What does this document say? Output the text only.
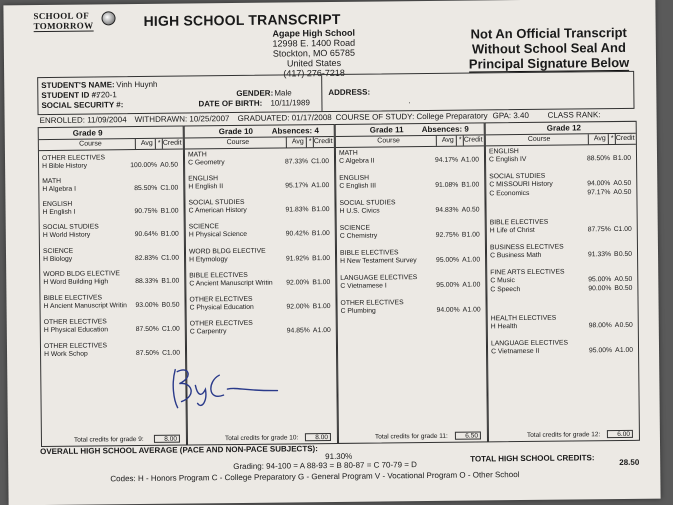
SCHOOL OF
TOMORROW	HIGH SCHOOL TRANSCRIPT
Agape High School
12998 E. 1400 Road
Stockton, MO 65785
United States
(417) 276-7218
Not An Official Transcript
Without School Seal And
Principal Signature Below
STUDENT'S NAME: Vinh Huynh
STUDENT ID #:
720-1
SOCIAL SECURITY #:
GENDER: Male
DATE OF BIRTH: 10/11/1989
ADDRESS:
.
ENROLLED: 11/09/2004 WITHDRAWN: 10/25/2007 GRADUATED: 01/17/2008 COURSE OF STUDY: College Preparatory GPA: 3.40 CLASS RANK:
Grade 9
Course	Avg * Credit
OTHER ELECTIVES
H Bible History	100.00% A 0.50
MATH
H Algebra I	85.50% C 1.00
ENGLISH
H English I	90.75% B 1.00
SOCIAL STUDIES
H World History	90.64% B 1.00
SCIENCE
H Biology	82.83% C 1.00
WORD BLDG ELECTIVE
H Word Building High	88.33% B 1.00
BIBLE ELECTIVES
H Ancient Manuscript Writin	93.00% B 0.50
OTHER ELECTIVES
H Physical Education	87.50% C 1.00
OTHER ELECTIVES
H Work Schop	87.50% C 1.00
Total credits for grade 9:	8.00
Grade 10 Absences: 4
Course	Avg * Credit
MATH
C Geometry	87.33% C 1.00
ENGLISH
H English II	95.17% A 1.00
SOCIAL STUDIES
C American History	91.83% B 1.00
SCIENCE
H Physical Science	90.42% B 1.00
WORD BLDG ELECTIVE
H Etymology	91.92% B 1.00
BIBLE ELECTIVES
C Ancient Manuscript Writin	92.00% B 1.00
OTHER ELECTIVES
C Physical Education	92.00% B 1.00
OTHER ELECTIVES
C Carpentry	94.85% A 1.00
Total credits for grade 10:	8.00
Grade 11 Absences: 9
Course	Avg * Credit
MATH
C Algebra II	94.17% A 1.00
ENGLISH
C English III	91.08% B 1.00
SOCIAL STUDIES
H U.S. Civics	94.83% A 0.50
SCIENCE
C Chemistry	92.75% B 1.00
BIBLE ELECTIVES
H New Testament Survey	95.00% A 1.00
LANGUAGE ELECTIVES
C Vietnamese I	95.00% A 1.00
OTHER ELECTIVES
C Plumbing	94.00% A 1.00
Total credits for grade 11:	6.50
Grade 12
Course	Avg * Credit
ENGLISH
C English IV	88.50% B 1.00
SOCIAL STUDIES
C MISSOURI History	94.00% A 0.50
C Economics	97.17% A 0.50
BIBLE ELECTIVES
H Life of Christ	87.75% C 1.00
BUSINESS ELECTIVES
C Business Math	91.33% B 0.50
FINE ARTS ELECTIVES
C Music	95.00% A 0.50
C Speech	90.00% B 0.50
HEALTH ELECTIVES
H Health	98.00% A 0.50
LANGUAGE ELECTIVES
C Vietnamese II	95.00% A 1.00
Total credits for grade 12:	6.00
OVERALL HIGH SCHOOL AVERAGE (PACE AND NON-PACE SUBJECTS):
91.30%	TOTAL HIGH SCHOOL CREDITS:	28.50
Grading: 94-100 = A 88-93 = B 80-87 = C 70-79 = D
Codes: H - Honors Program C - College Preparatory G - General Program V - Vocational Program O - Other School
